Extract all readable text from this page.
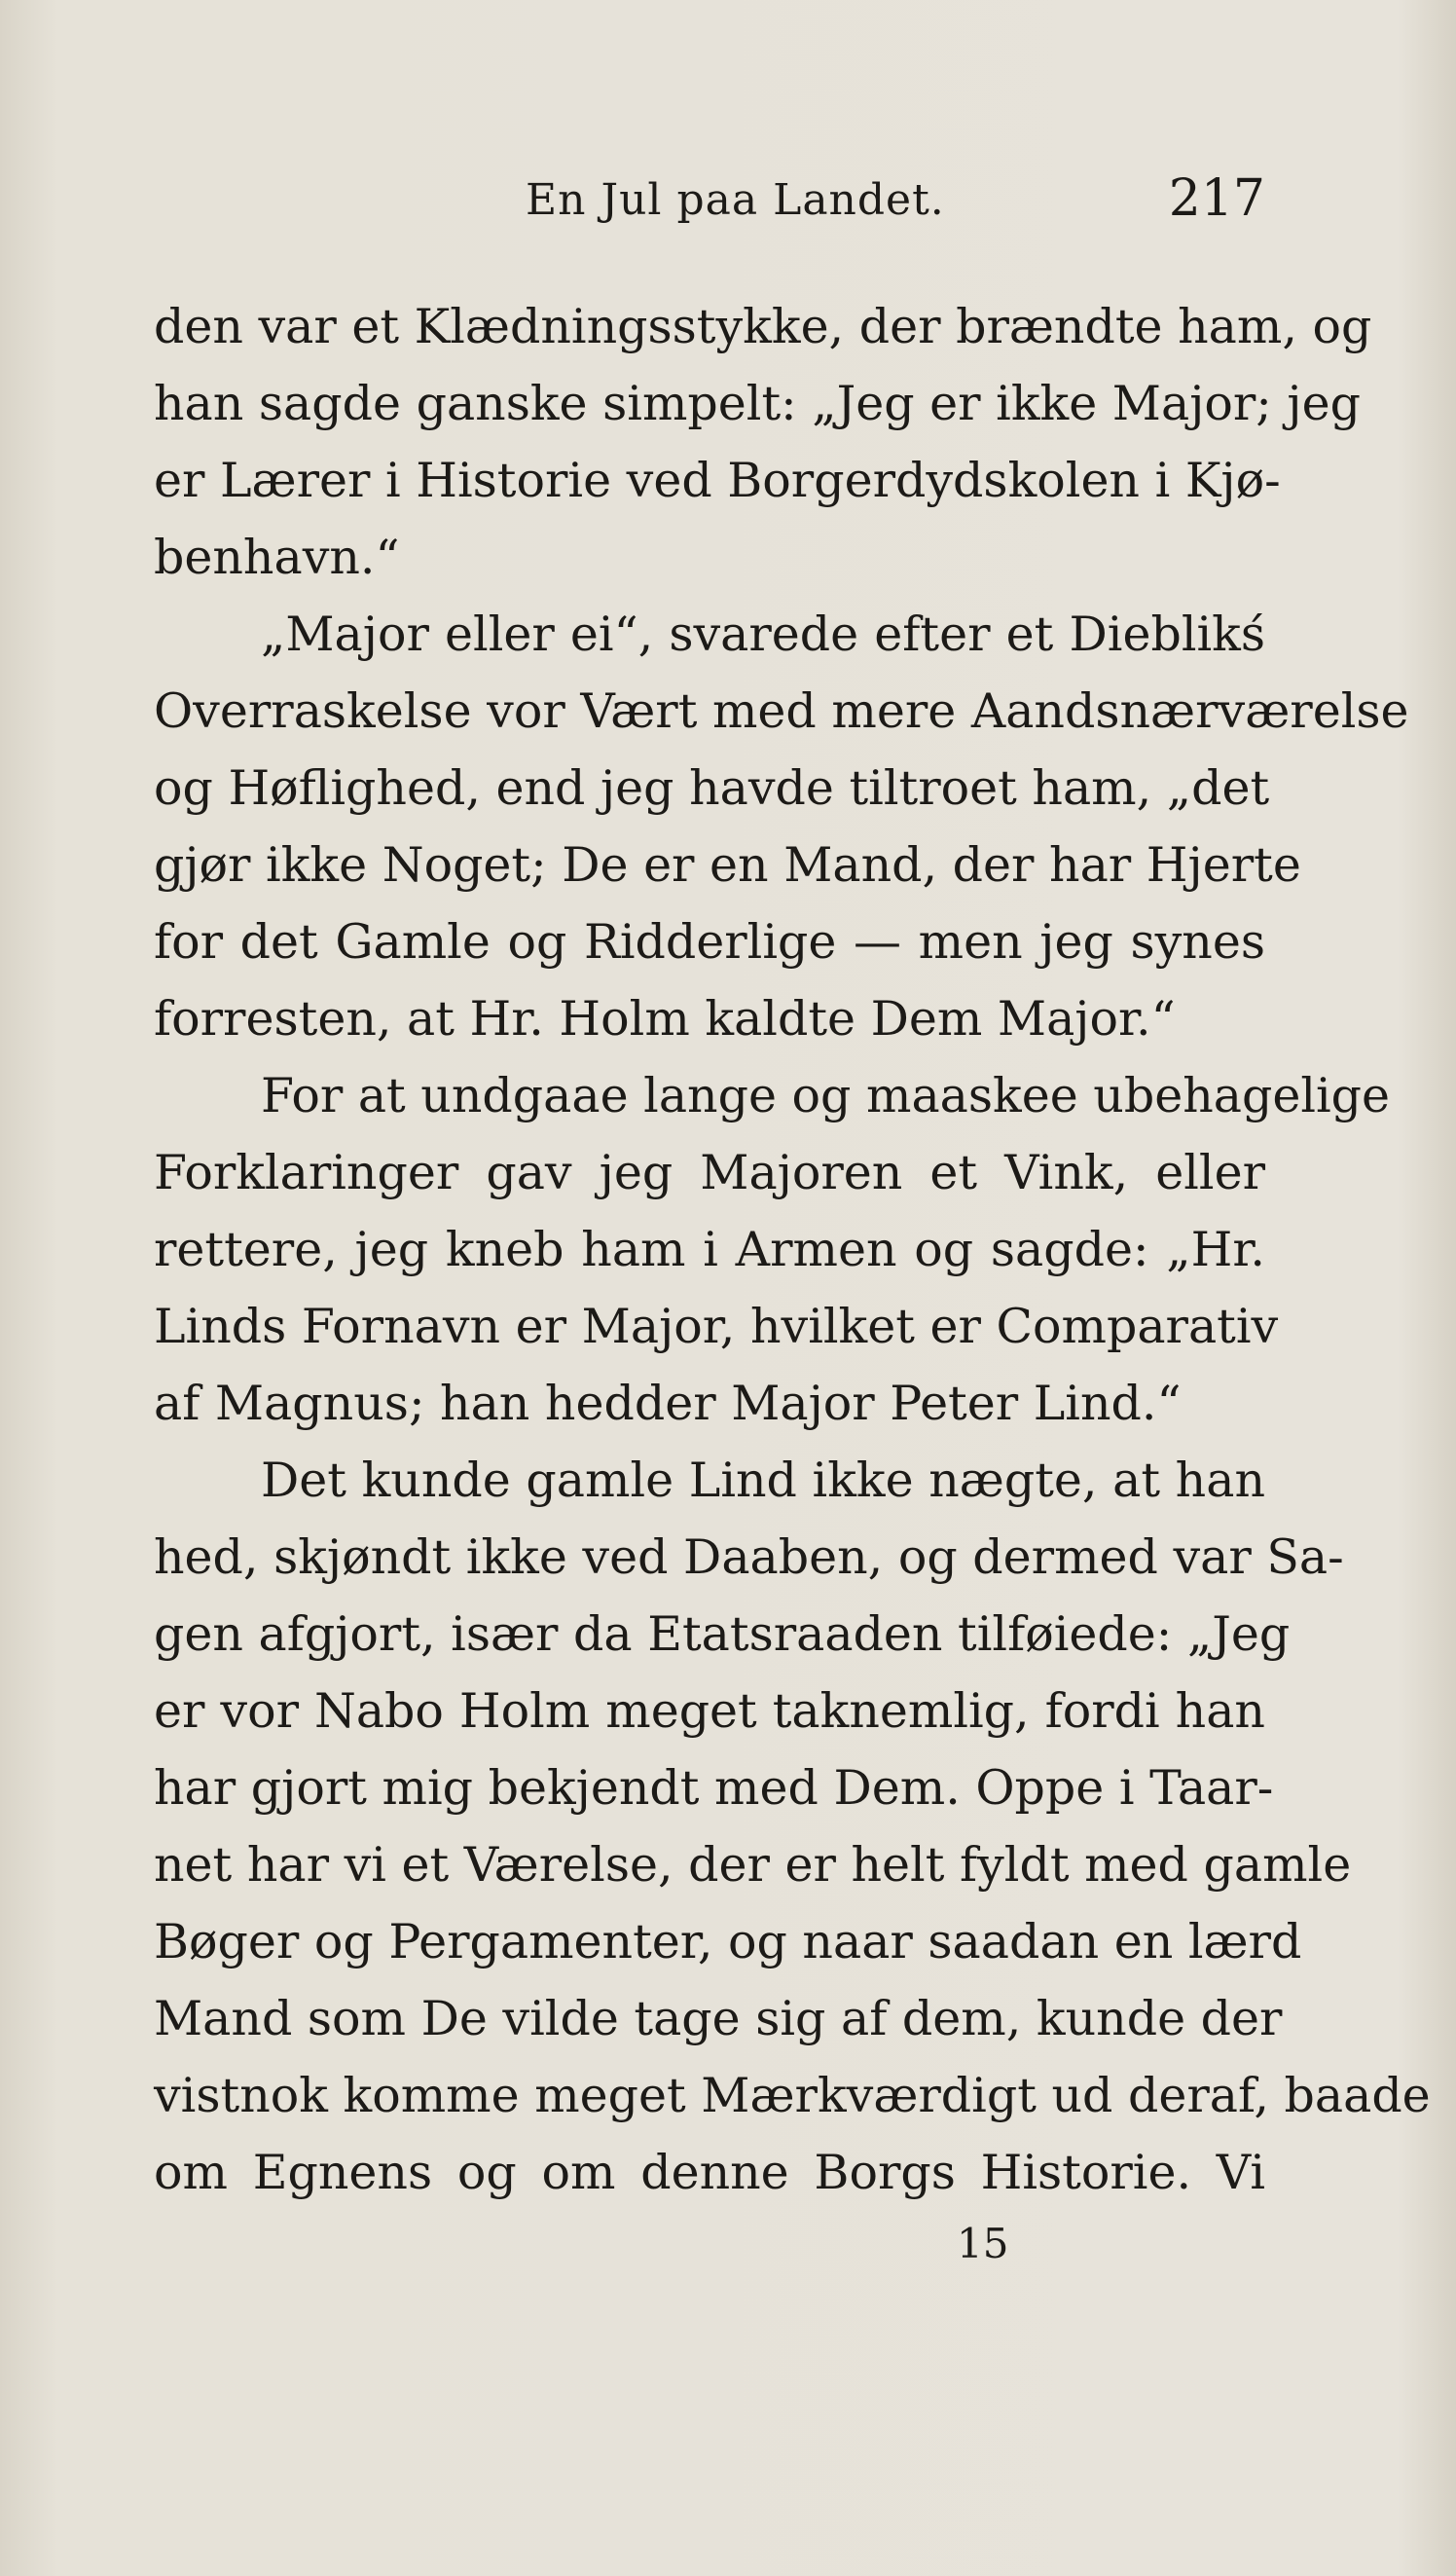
En Jul paa Landet.	217
den var et Klædningsstykke, der brændte ham, og
han sagde ganske simpelt: „Jeg er ikke Major; jeg
er Lærer i Historie ved Borgerdydskolen i Kjø-
benhavn.“
„Major eller ei“, svarede efter et Dieblikś
Overraskelse vor Vært med mere Aandsnærværelse
og Høflighed, end jeg havde tiltroet ham, „det
gjør ikke Noget; De er en Mand, der har Hjerte
for det Gamle og Ridderlige — men jeg synes
forresten, at Hr. Holm kaldte Dem Major.“
For at undgaae lange og maaskee ubehagelige
Forklaringer gav jeg Majoren et Vink, eller
rettere, jeg kneb ham i Armen og sagde: „Hr.
Linds Fornavn er Major, hvilket er Comparativ
af Magnus; han hedder Major Peter Lind.“
Det kunde gamle Lind ikke nægte, at han
hed, skjøndt ikke ved Daaben, og dermed var Sa-
gen afgjort, især da Etatsraaden tilføiede: „Jeg
er vor Nabo Holm meget taknemlig, fordi han
har gjort mig bekjendt med Dem. Oppe i Taar-
net har vi et Værelse, der er helt fyldt med gamle
Bøger og Pergamenter, og naar saadan en lærd
Mand som De vilde tage sig af dem, kunde der
vistnok komme meget Mærkværdigt ud deraf, baade
om Egnens og om denne Borgs Historie. Vi
15
